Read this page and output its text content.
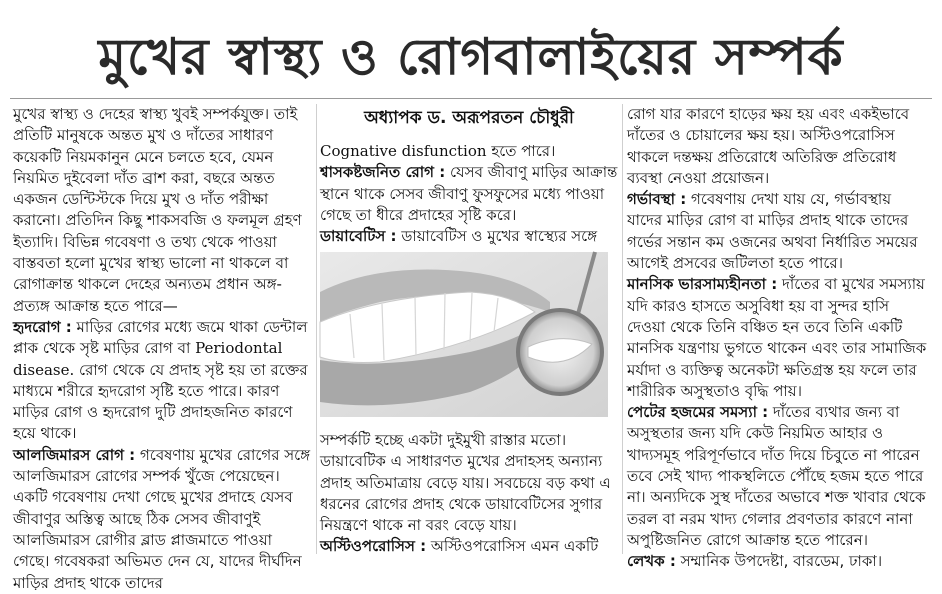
মুখের স্বাস্থ্য ও রোগবালাইয়ের সম্পর্ক

মুখের স্বাস্থ্য ও দেহের স্বাস্থ্য খুবই সম্পর্কযুক্ত। তাই প্রতিটি মানুষকে অন্তত মুখ ও দাঁতের সাধারণ কয়েকটি নিয়মকানুন মেনে চলতে হবে, যেমন নিয়মিত দুইবেলা দাঁত ব্রাশ করা, বছরে অন্তত একজন ডেন্টিস্টকে দিয়ে মুখ ও দাঁত পরীক্ষা করানো। প্রতিদিন কিছু শাকসবজি ও ফলমূল গ্রহণ ইত্যাদি। বিভিন্ন গবেষণা ও তথ্য থেকে পাওয়া বাস্তবতা হলো মুখের স্বাস্থ্য ভালো না থাকলে বা রোগাক্রান্ত থাকলে দেহের অন্যতম প্রধান অঙ্গ-প্রত্যঙ্গ আক্রান্ত হতে পারে—

হৃদরোগ : মাড়ির রোগের মধ্যে জমে থাকা ডেন্টাল প্লাক থেকে সৃষ্ট মাড়ির রোগ বা Periodontal disease. রোগ থেকে যে প্রদাহ সৃষ্ট হয় তা রক্তের মাধ্যমে শরীরে হৃদরোগ সৃষ্টি হতে পারে। কারণ মাড়ির রোগ ও হৃদরোগ দুটি প্রদাহজনিত কারণে হয়ে থাকে।

আলজিমারস রোগ : গবেষণায় মুখের রোগের সঙ্গে আলজিমারস রোগের সম্পর্ক খুঁজে পেয়েছেন। একটি গবেষণায় দেখা গেছে মুখের প্রদাহে যেসব জীবাণুর অস্তিত্ব আছে ঠিক সেসব জীবাণুই আলজিমারস রোগীর ব্লাড প্লাজমাতে পাওয়া গেছে। গবেষকরা অভিমত দেন যে, যাদের দীর্ঘদিন মাড়ির প্রদাহ থাকে তাদের

অধ্যাপক ড. অরূপরতন চৌধুরী

Cognative disfunction হতে পারে।

শ্বাসকষ্টজনিত রোগ : যেসব জীবাণু মাড়ির আক্রান্ত স্থানে থাকে সেসব জীবাণু ফুসফুসের মধ্যে পাওয়া গেছে তা ধীরে প্রদাহের সৃষ্টি করে।

ডায়াবেটিস : ডায়াবেটিস ও মুখের স্বাস্থ্যের সঙ্গে

সম্পর্কটি হচ্ছে একটা দুইমুখী রাস্তার মতো। ডায়াবেটিক এ সাধারণত মুখের প্রদাহসহ অন্যান্য প্রদাহ অতিমাত্রায় বেড়ে যায়। সবচেয়ে বড় কথা এ ধরনের রোগের প্রদাহ থেকে ডায়াবেটিসের সুগার নিয়ন্ত্রণে থাকে না বরং বেড়ে যায়।

অস্টিওপরোসিস : অস্টিওপরোসিস এমন একটি

রোগ যার কারণে হাড়ের ক্ষয় হয় এবং একইভাবে দাঁতের ও চোয়ালের ক্ষয় হয়। অস্টিওপরোসিস থাকলে দন্তক্ষয় প্রতিরোধে অতিরিক্ত প্রতিরোধ ব্যবস্থা নেওয়া প্রয়োজন।

গর্ভাবস্থা : গবেষণায় দেখা যায় যে, গর্ভাবস্থায় যাদের মাড়ির রোগ বা মাড়ির প্রদাহ থাকে তাদের গর্ভের সন্তান কম ওজনের অথবা নির্ধারিত সময়ের আগেই প্রসবের জটিলতা হতে পারে।

মানসিক ভারসাম্যহীনতা : দাঁতের বা মুখের সমস্যায় যদি কারও হাসতে অসুবিধা হয় বা সুন্দর হাসি দেওয়া থেকে তিনি বঞ্চিত হন তবে তিনি একটি মানসিক যন্ত্রণায় ভুগতে থাকেন এবং তার সামাজিক মর্যাদা ও ব্যক্তিত্ব অনেকটা ক্ষতিগ্রস্ত হয় ফলে তার শারীরিক অসুস্থতাও বৃদ্ধি পায়।

পেটের হজমের সমস্যা : দাঁতের ব্যথার জন্য বা অসুস্থতার জন্য যদি কেউ নিয়মিত আহার ও খাদ্যসমূহ পরিপূর্ণভাবে দাঁত দিয়ে চিবুতে না পারেন তবে সেই খাদ্য পাকস্থলিতে পৌঁছে হজম হতে পারে না। অন্যদিকে সুস্থ দাঁতের অভাবে শক্ত খাবার থেকে তরল বা নরম খাদ্য গেলার প্রবণতার কারণে নানা অপুষ্টিজনিত রোগে আক্রান্ত হতে পারেন।

লেখক : সম্মানিক উপদেষ্টা, বারডেম, ঢাকা।
